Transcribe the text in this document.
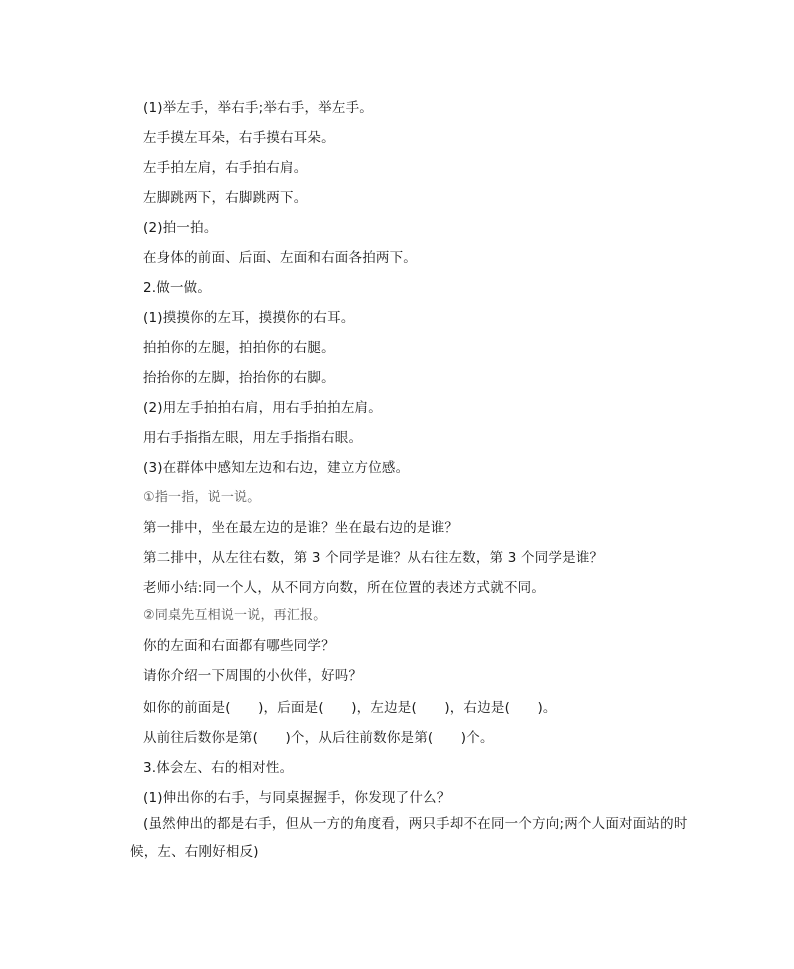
(1)举左手，举右手;举右手，举左手。
左手摸左耳朵，右手摸右耳朵。
左手拍左肩，右手拍右肩。
左脚跳两下，右脚跳两下。
(2)拍一拍。
在身体的前面、后面、左面和右面各拍两下。
2.做一做。
(1)摸摸你的左耳，摸摸你的右耳。
拍拍你的左腿，拍拍你的右腿。
抬抬你的左脚，抬抬你的右脚。
(2)用左手拍拍右肩，用右手拍拍左肩。
用右手指指左眼，用左手指指右眼。
(3)在群体中感知左边和右边，建立方位感。
①指一指，说一说。
第一排中，坐在最左边的是谁？坐在最右边的是谁？
第二排中，从左往右数，第 3 个同学是谁？从右往左数，第 3 个同学是谁？
老师小结:同一个人，从不同方向数，所在位置的表述方式就不同。
②同桌先互相说一说，再汇报。
你的左面和右面都有哪些同学？
请你介绍一下周围的小伙伴，好吗？
如你的前面是(　　)，后面是(　　)，左边是(　　)，右边是(　　)。
从前往后数你是第(　　)个，从后往前数你是第(　　)个。
3.体会左、右的相对性。
(1)伸出你的右手，与同桌握握手，你发现了什么？
(虽然伸出的都是右手，但从一方的角度看，两只手却不在同一个方向;两个人面对面站的时
候，左、右刚好相反)
